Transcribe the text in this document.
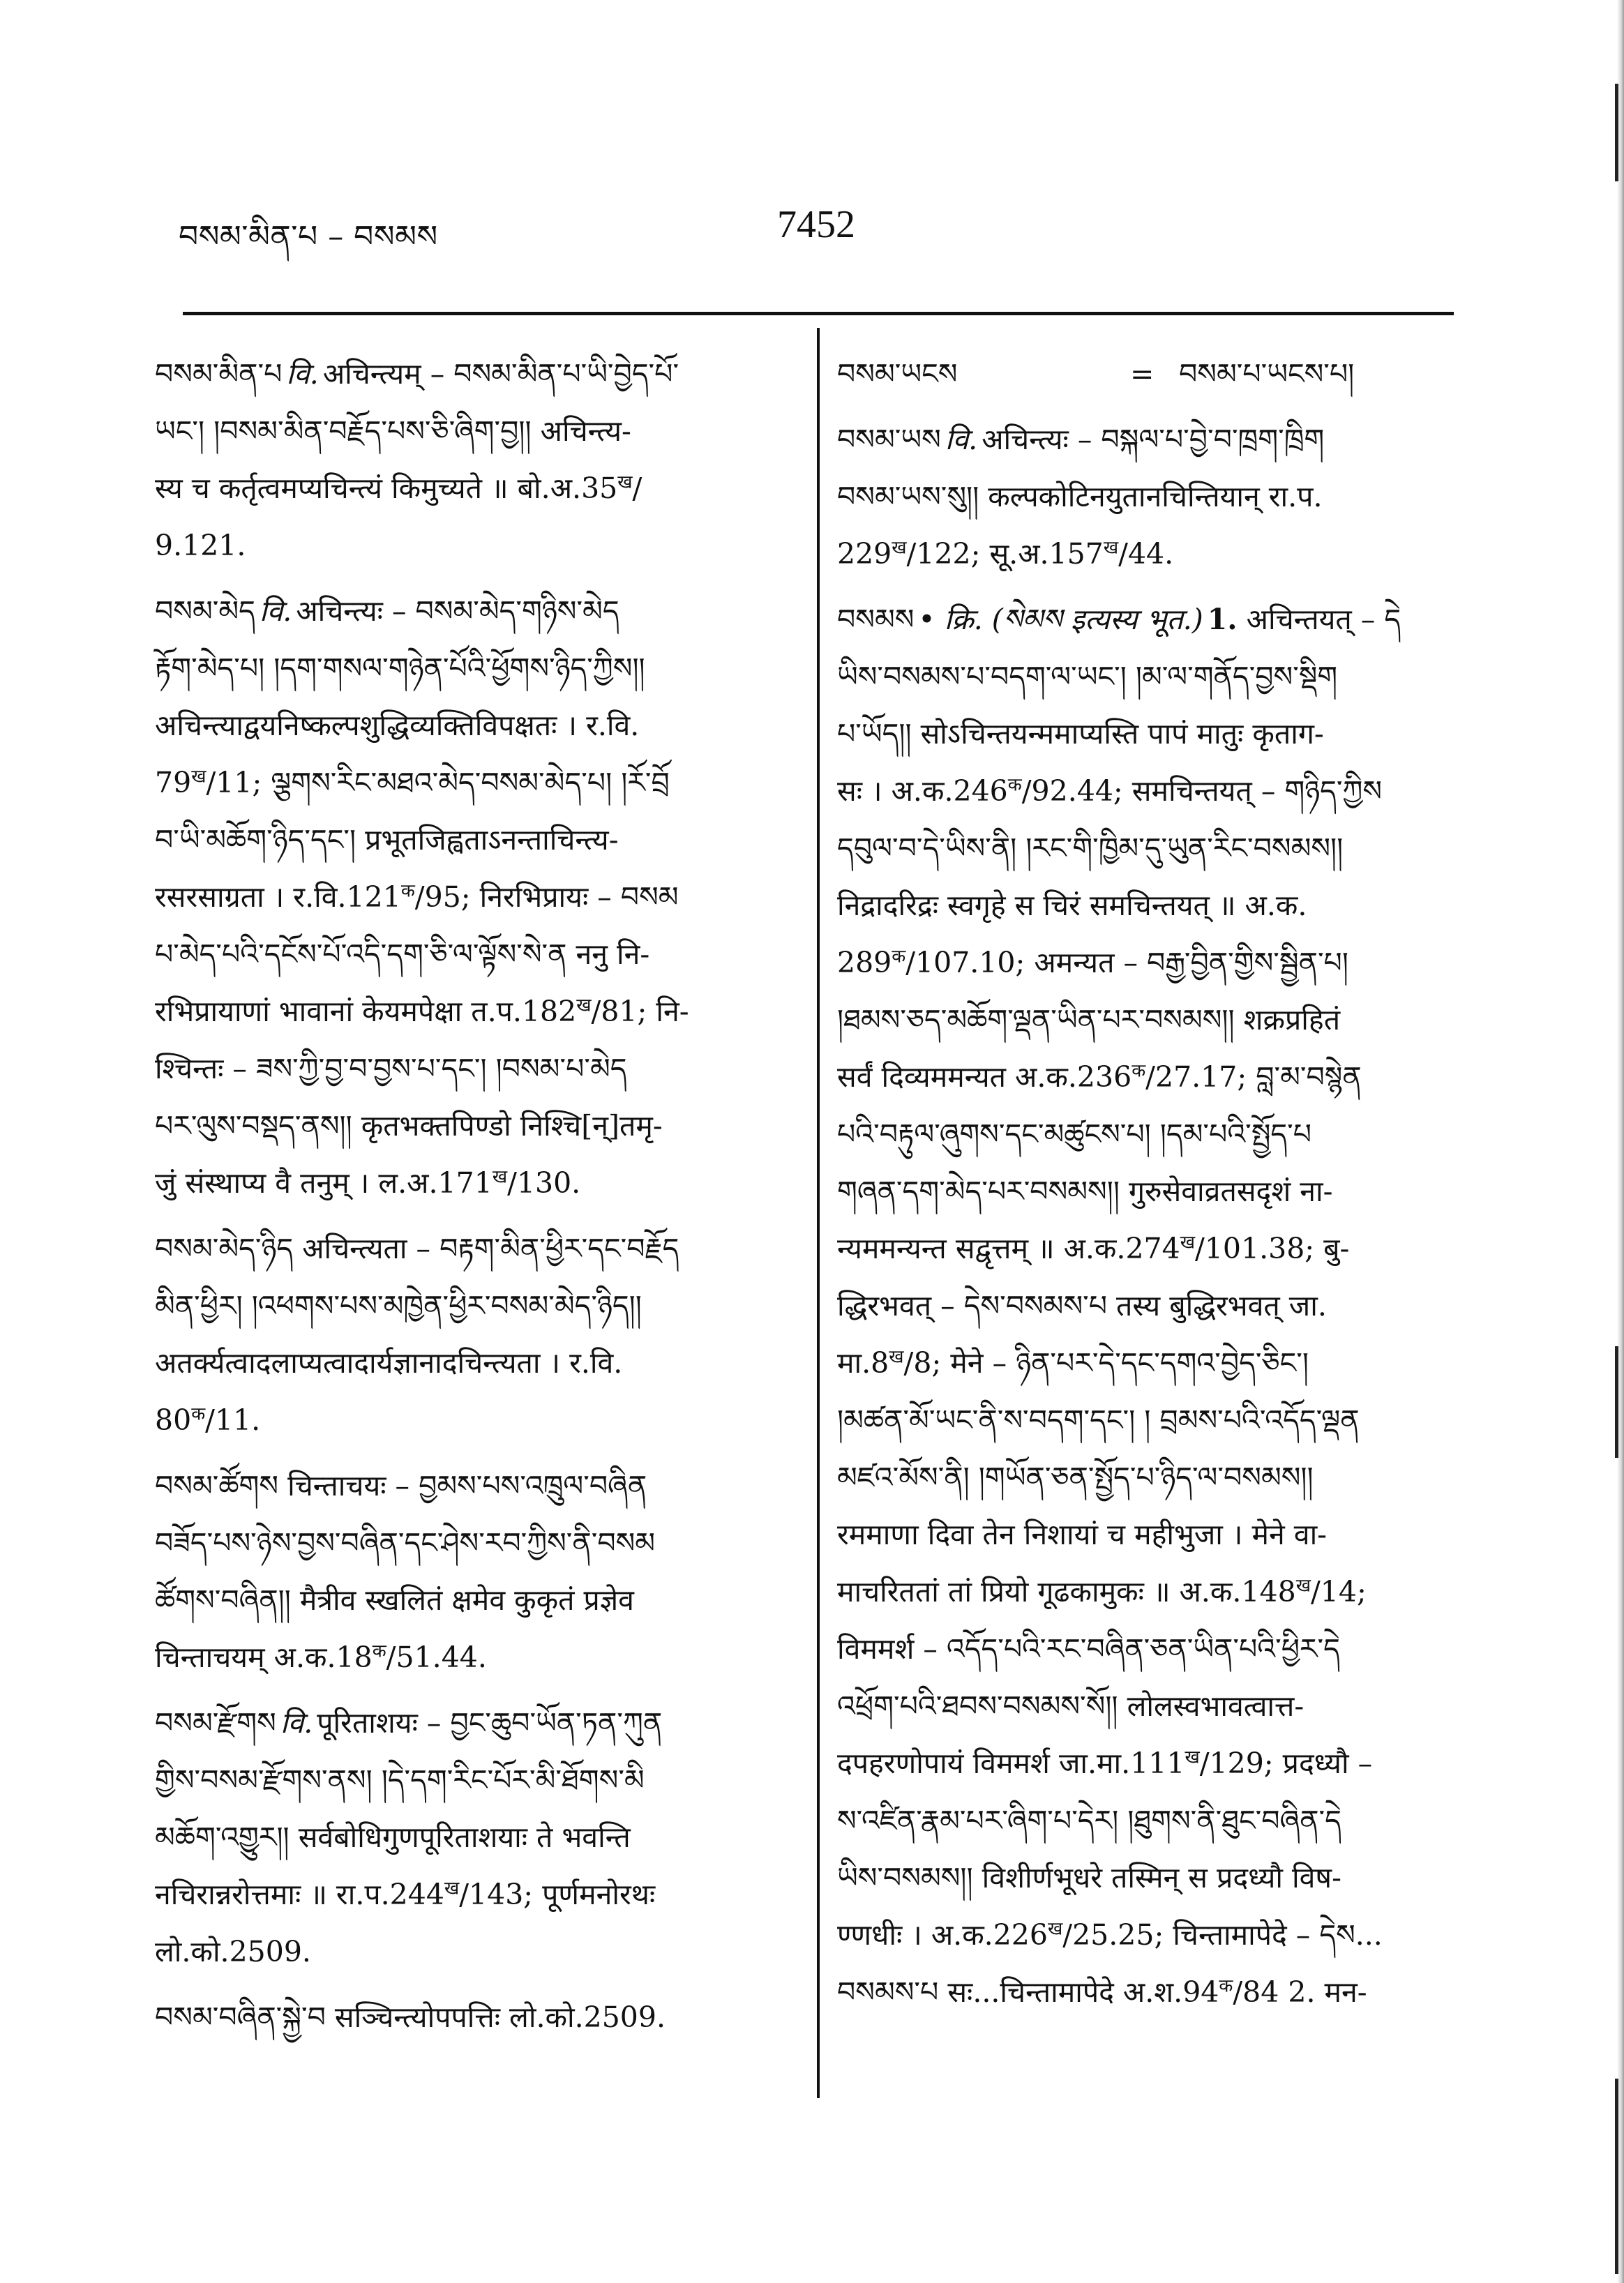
བསམ་མིན་པ – བསམས	7452
བསམ་མིན་པ वि. अचिन्त्यम् – བསམ་མིན་པ་ཡི་བྱེད་པོ་
ཡང་། །བསམ་མིན་བརྗོད་པས་ཅི་ཞིག་བྱ།། अचिन्त्य-
स्य च कर्तृत्वमप्यचिन्त्यं किमुच्यते ॥ $बो.अ.35^ख/$
9.121.
བསམ་མེད वि. अचिन्त्यः – བསམ་མེད་གཉིས་མེད
རྟོག་མེད་པ། །དག་གསལ་གཉེན་པོའི་ཕྱོགས་ཉིད་ཀྱིས།།
अचिन्त्याद्वयनिष्कल्पशुद्धिव्यक्तिविपक्षतः । र.वि.
$79^ख/11$; ལྕགས་རིང་མཐའ་མེད་བསམ་མེད་པ། །རོ་བྲོ
བ་ཡི་མཆོག་ཉིད་དང་། प्रभूतजिह्वताऽनन्ताचिन्त्य-
रसरसाग्रता । $र.वि.121^क/95$; निरभिप्रायः – བསམ
པ་མེད་པའི་དངོས་པོ་འདི་དག་ཅི་ལ་ལྟོས་སེ་ན ननु नि-
रभिप्रायाणां भावानां केयमपेक्षा $त.प.182^ख/81$; नि-
श्चिन्तः – ཟས་ཀྱི་བྱ་བ་བྱས་པ་དང་། །བསམ་པ་མེད
པར་ལུས་བསྡད་ནས།། कृतभक्तपिण्डो निश्चि[न्]तमृ-
जुं संस्थाप्य वै तनुम् । $ल.अ.171^ख/130$.
བསམ་མེད་ཉིད अचिन्त्यता – བརྟག་མིན་ཕྱིར་དང་བརྗོད
མིན་ཕྱིར། །འཕགས་པས་མཁྱེན་ཕྱིར་བསམ་མེད་ཉིད།།
अतर्क्यत्वादलाप्यत्वादार्यज्ञानादचिन्त्यता । र.वि.
$80^क/11$.
བསམ་ཚོགས चिन्ताचयः – བྱམས་པས་འཁྲུལ་བཞིན
བཟོད་པས་ཉེས་བྱས་བཞིན་དང་ཤེས་རབ་ཀྱིས་ནི་བསམ
ཚོགས་བཞིན།། मैत्रीव स्खलितं क्षमेव कुकृतं प्रज्ञेव
चिन्ताचयम् $अ.क.18^क/51.44$.
བསམ་རྫོགས वि. पूरिताशयः – བྱང་ཆུབ་ཡོན་ཏན་ཀུན
གྱིས་བསམ་རྫོགས་ནས། །དེ་དག་རིང་པོར་མི་ཐོགས་མི
མཆོག་འགྱུར།། सर्वबोधिगुणपूरिताशयाः ते भवन्ति
नचिरान्नरोत्तमाः ॥ $रा.प.244^ख/143$; पूर्णमनोरथः
लो.को.2509.
བསམ་བཞིན་སྐྱེ་བ सञ्चिन्त्योपपत्तिः लो.को.2509.
བསམ་ཡངས	= བསམ་པ་ཡངས་པ།
བསམ་ཡས वि. अचिन्त्यः – བསྐལ་པ་བྱེ་བ་ཁྲག་ཁྲིག
བསམ་ཡས་སུ།། कल्पकोटिनयुतानचिन्तियान् रा.प.
$229^ख/122$; $सू.अ.157^ख/44$.
བསམས • क्रि. (སེམས इत्यस्य भूत.) 1. अचिन्तयत् – དེ
ཡིས་བསམས་པ་བདག་ལ་ཡང་། །མ་ལ་གནོད་བྱས་སྡིག
པ་ཡོད།། सोऽचिन्तयन्ममाप्यस्ति पापं मातुः कृताग-
सः । $अ.क.246^क/92.44$; समचिन्तयत् – གཉིད་ཀྱིས
དབུལ་བ་དེ་ཡིས་ནི། །རང་གི་ཁྱིམ་དུ་ཡུན་རིང་བསམས།།
निद्रादरिद्रः स्वगृहे स चिरं समचिन्तयत् ॥ अ.क.
$289^क/107.10$; अमन्यत – བརྒྱ་བྱིན་གྱིས་སྦྱིན་པ།
།ཐམས་ཅད་མཆོག་ལྡན་ཡིན་པར་བསམས།། शक्रप्रहितं
सर्वं दिव्यममन्यत $अ.क.236^क/27.17$; བླ་མ་བསྙེན
པའི་བརྟུལ་ཞུགས་དང་མཚུངས་པ། །དམ་པའི་སྤྱོད་པ
གཞན་དག་མེད་པར་བསམས།། गुरुसेवाव्रतसदृशं ना-
न्यममन्यन्त सद्वृत्तम् ॥ $अ.क.274^ख/101.38$; बु-
द्धिरभवत् – དེས་བསམས་པ तस्य बुद्धिरभवत् जा.
$मा.8^ख/8$; मेने – ཉིན་པར་དེ་དང་དགའ་བྱེད་ཅིང་།
།མཚན་མོ་ཡང་ནི་ས་བདག་དང་། ། བྲམས་པའི་འདོད་ལྡན
མཛའ་མོས་ནི། །གཡོན་ཅན་སྤྱོད་པ་ཉིད་ལ་བསམས།།
रममाणा दिवा तेन निशायां च महीभुजा । मेने वा-
माचरिततां तां प्रियो गूढकामुकः ॥ $अ.क.148^ख/14$;
विममर्श – འདོད་པའི་རང་བཞིན་ཅན་ཡིན་པའི་ཕྱིར་དེ
འཕྲོག་པའི་ཐབས་བསམས་སོ།། लोलस्वभावत्वात्त-
दपहरणोपायं विममर्श $जा.मा.111^ख/129$; प्रदध्यौ –
ས་འཛིན་རྣམ་པར་ཞིག་པ་དེར། །ཐུགས་ནི་ཐུང་བཞིན་དེ
ཡིས་བསམས།། विशीर्णभूधरे तस्मिन् स प्रदध्यौ विष-
ण्णधीः । $अ.क.226^ख/25.25$; चिन्तामापेदे – དེས...
བསམས་པ सः...चिन्तामापेदे $अ.श.94^क/84$ 2. मन-
